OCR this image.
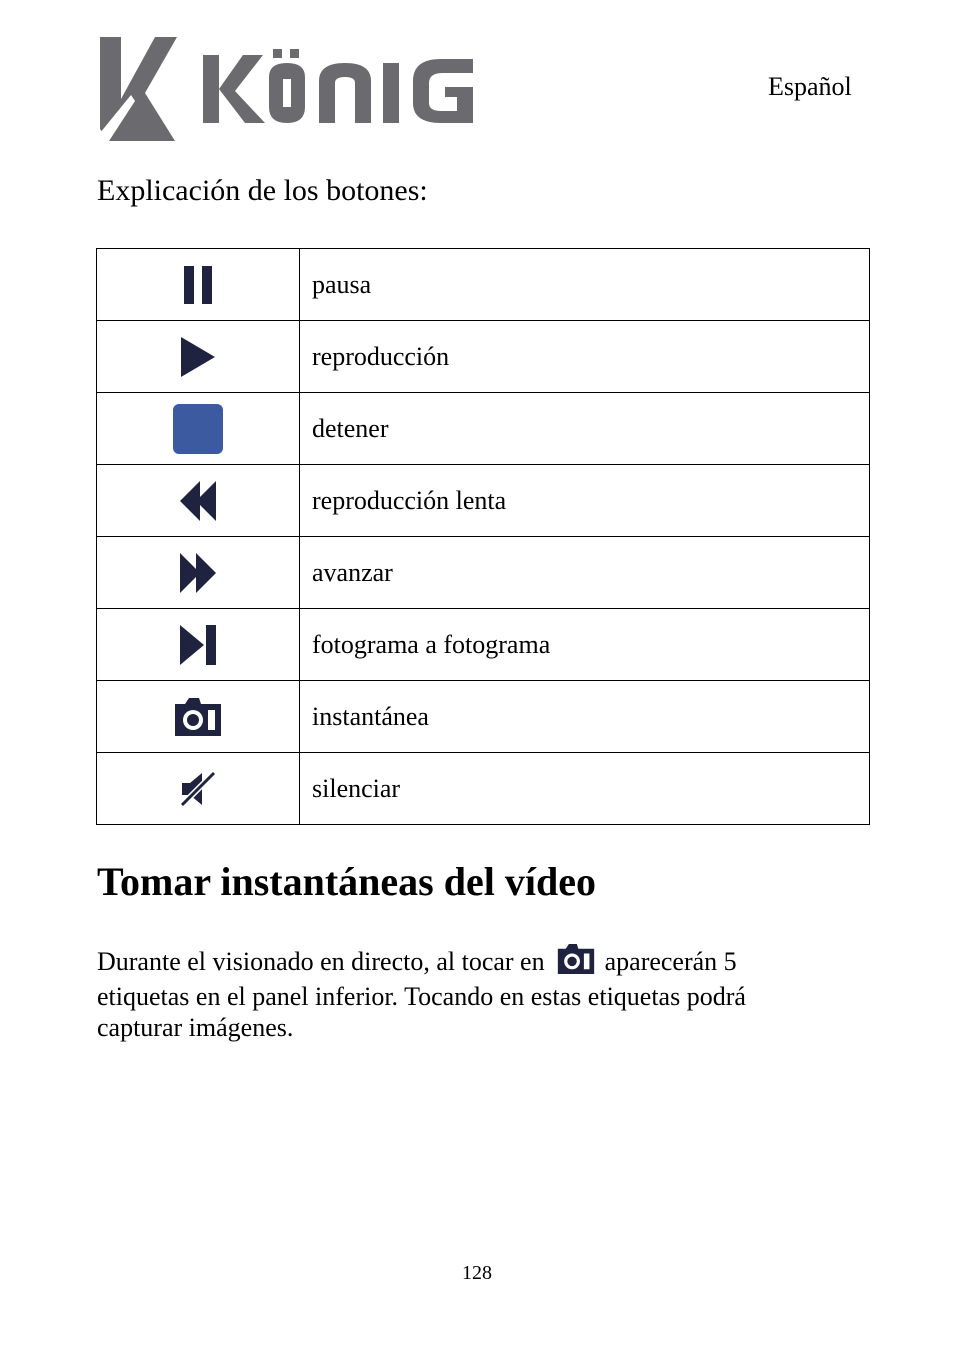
Español
Explicación de los botones:
	pausa

	reproducción

	detener

	reproducción lenta

	avanzar

	fotograma a fotograma

	instantánea

	silenciar
Tomar instantáneas del vídeo
Durante el visionado en directo, al tocar en aparecerán 5 etiquetas en el panel inferior. Tocando en estas etiquetas podrá capturar imágenes.
128
